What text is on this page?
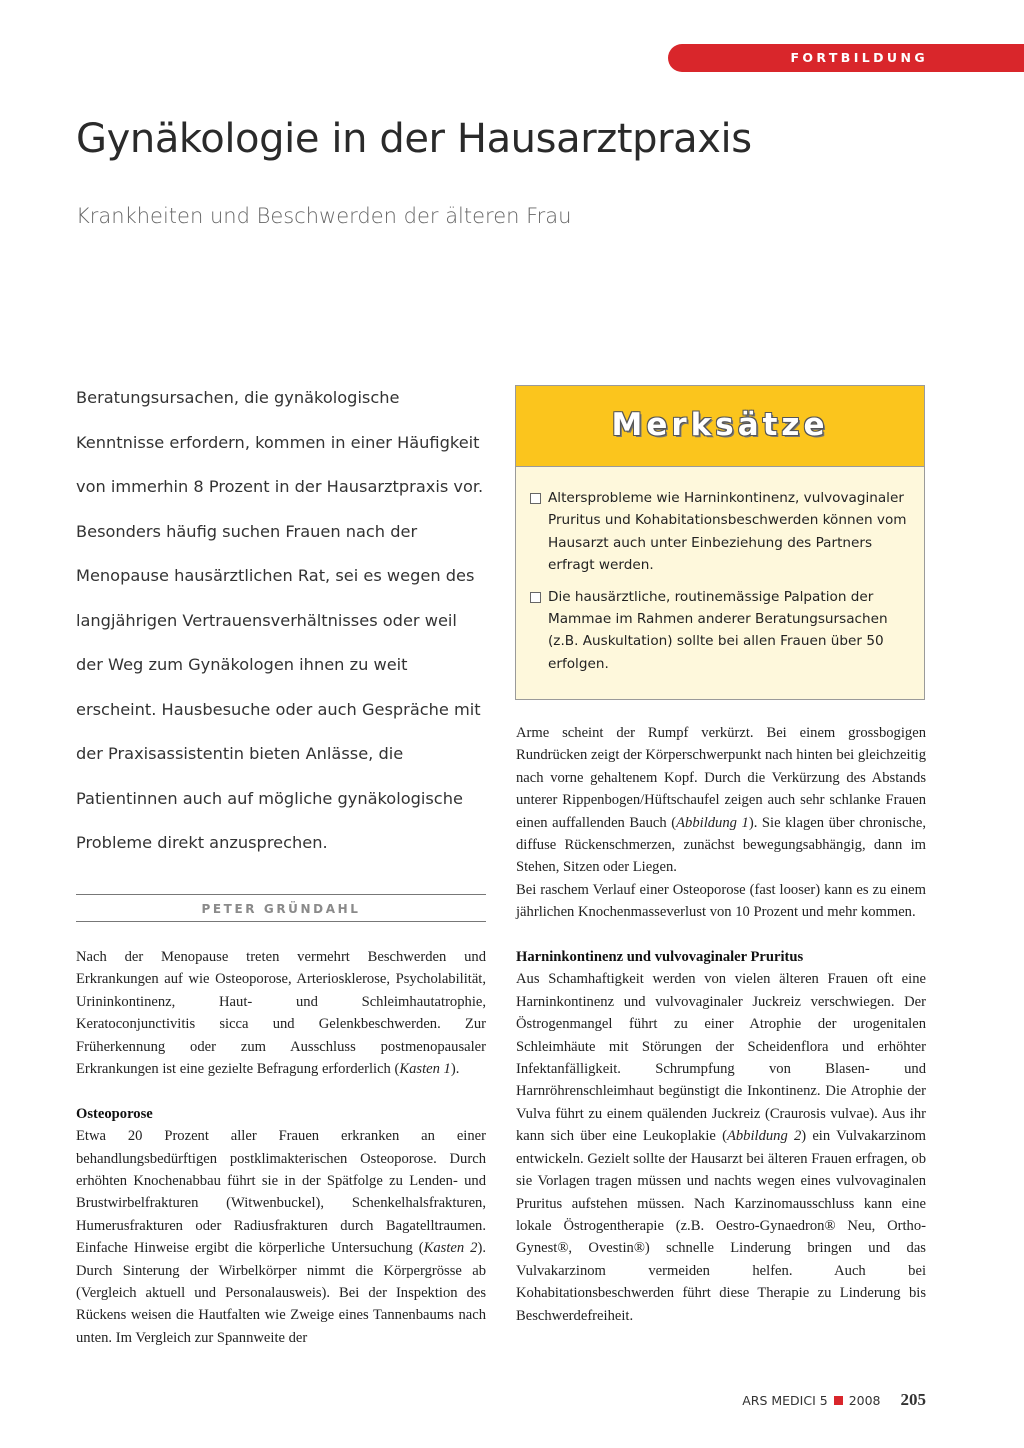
FORTBILDUNG
Gynäkologie in der Hausarztpraxis
Krankheiten und Beschwerden der älteren Frau

Beratungsursachen, die gynäkologische Kenntnisse erfordern, kommen in einer Häufigkeit von immerhin 8 Prozent in der Hausarztpraxis vor. Besonders häufig suchen Frauen nach der Menopause hausärztlichen Rat, sei es wegen des langjährigen Vertrauensverhältnisses oder weil der Weg zum Gynäkologen ihnen zu weit erscheint. Hausbesuche oder auch Gespräche mit der Praxisassistentin bieten Anlässe, die Patientinnen auch auf mögliche gynäkologische Probleme direkt anzusprechen.

PETER GRÜNDAHL

Nach der Menopause treten vermehrt Beschwerden und Erkrankungen auf wie Osteoporose, Arteriosklerose, Psycholabilität, Urininkontinenz, Haut- und Schleimhautatrophie, Keratoconjunctivitis sicca und Gelenkbeschwerden. Zur Früherkennung oder zum Ausschluss postmenopausaler Erkrankungen ist eine gezielte Befragung erforderlich (Kasten 1).

Osteoporose

Etwa 20 Prozent aller Frauen erkranken an einer behandlungsbedürftigen postklimakterischen Osteoporose. Durch erhöhten Knochenabbau führt sie in der Spätfolge zu Lenden- und Brustwirbelfrakturen (Witwenbuckel), Schenkelhalsfrakturen, Humerusfrakturen oder Radiusfrakturen durch Bagatelltraumen. Einfache Hinweise ergibt die körperliche Untersuchung (Kasten 2). Durch Sinterung der Wirbelkörper nimmt die Körpergrösse ab (Vergleich aktuell und Personalausweis). Bei der Inspektion des Rückens weisen die Hautfalten wie Zweige eines Tannenbaums nach unten. Im Vergleich zur Spannweite der

Merksätze
Altersprobleme wie Harninkontinenz, vulvovaginaler Pruritus und Kohabitationsbeschwerden können vom Hausarzt auch unter Einbeziehung des Partners erfragt werden.
Die hausärztliche, routinemässige Palpation der Mammae im Rahmen anderer Beratungsursachen (z.B. Auskultation) sollte bei allen Frauen über 50 erfolgen.

Arme scheint der Rumpf verkürzt. Bei einem grossbogigen Rundrücken zeigt der Körperschwerpunkt nach hinten bei gleichzeitig nach vorne gehaltenem Kopf. Durch die Verkürzung des Abstands unterer Rippenbogen/Hüftschaufel zeigen auch sehr schlanke Frauen einen auffallenden Bauch (Abbildung 1). Sie klagen über chronische, diffuse Rückenschmerzen, zunächst bewegungsabhängig, dann im Stehen, Sitzen oder Liegen.

Bei raschem Verlauf einer Osteoporose (fast looser) kann es zu einem jährlichen Knochenmasseverlust von 10 Prozent und mehr kommen.

Harninkontinenz und vulvovaginaler Pruritus

Aus Schamhaftigkeit werden von vielen älteren Frauen oft eine Harninkontinenz und vulvovaginaler Juckreiz verschwiegen. Der Östrogenmangel führt zu einer Atrophie der urogenitalen Schleimhäute mit Störungen der Scheidenflora und erhöhter Infektanfälligkeit. Schrumpfung von Blasen- und Harnröhrenschleimhaut begünstigt die Inkontinenz. Die Atrophie der Vulva führt zu einem quälenden Juckreiz (Craurosis vulvae). Aus ihr kann sich über eine Leukoplakie (Abbildung 2) ein Vulvakarzinom entwickeln. Gezielt sollte der Hausarzt bei älteren Frauen erfragen, ob sie Vorlagen tragen müssen und nachts wegen eines vulvovaginalen Pruritus aufstehen müssen. Nach Karzinomausschluss kann eine lokale Östrogentherapie (z.B. Oestro-Gynaedron® Neu, Ortho-Gynest®, Ovestin®) schnelle Linderung bringen und das Vulvakarzinom vermeiden helfen. Auch bei Kohabitationsbeschwerden führt diese Therapie zu Linderung bis Beschwerdefreiheit.

ARS MEDICI 5 2008 205
